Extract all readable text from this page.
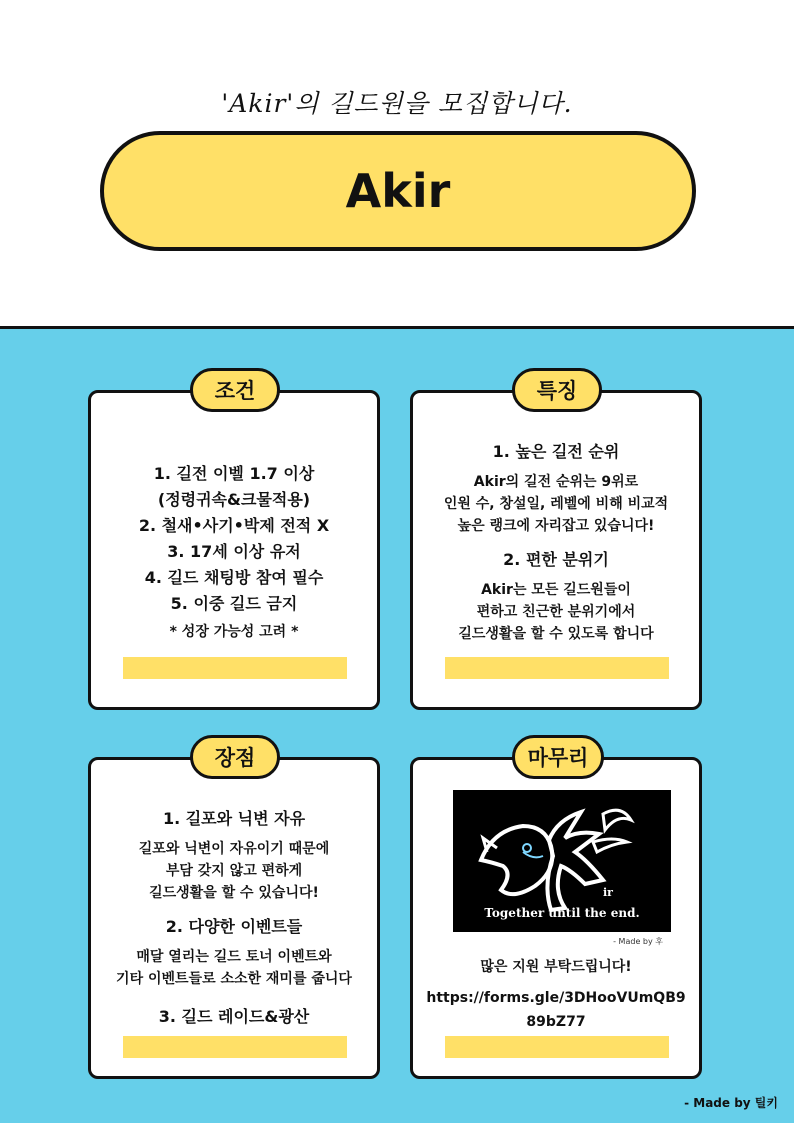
'Akir'의 길드원을 모집합니다.
Akir
1. 길전 이벨 1.7 이상
(정령귀속&크물적용)
2. 철새•사기•박제 전적 X
3. 17세 이상 유저
4. 길드 채팅방 참여 필수
5. 이중 길드 금지
* 성장 가능성 고려 *
조건
1. 높은 길전 순위
Akir의 길전 순위는 9위로
인원 수, 창설일, 레벨에 비해 비교적
높은 랭크에 자리잡고 있습니다!
2. 편한 분위기
Akir는 모든 길드원들이
편하고 친근한 분위기에서
길드생활을 할 수 있도록 합니다
특징
1. 길포와 닉변 자유
길포와 닉변이 자유이기 때문에
부담 갖지 않고 편하게
길드생활을 할 수 있습니다!
2. 다양한 이벤트들
매달 열리는 길드 토너 이벤트와
기타 이벤트들로 소소한 재미를 줍니다
3. 길드 레이드&광산
장점
ir
Together until the end.
- Made by 후
많은 지원 부탁드립니다!
https://forms.gle/3DHooVUmQB9
89bZ77
마무리
- Made by 틸키
